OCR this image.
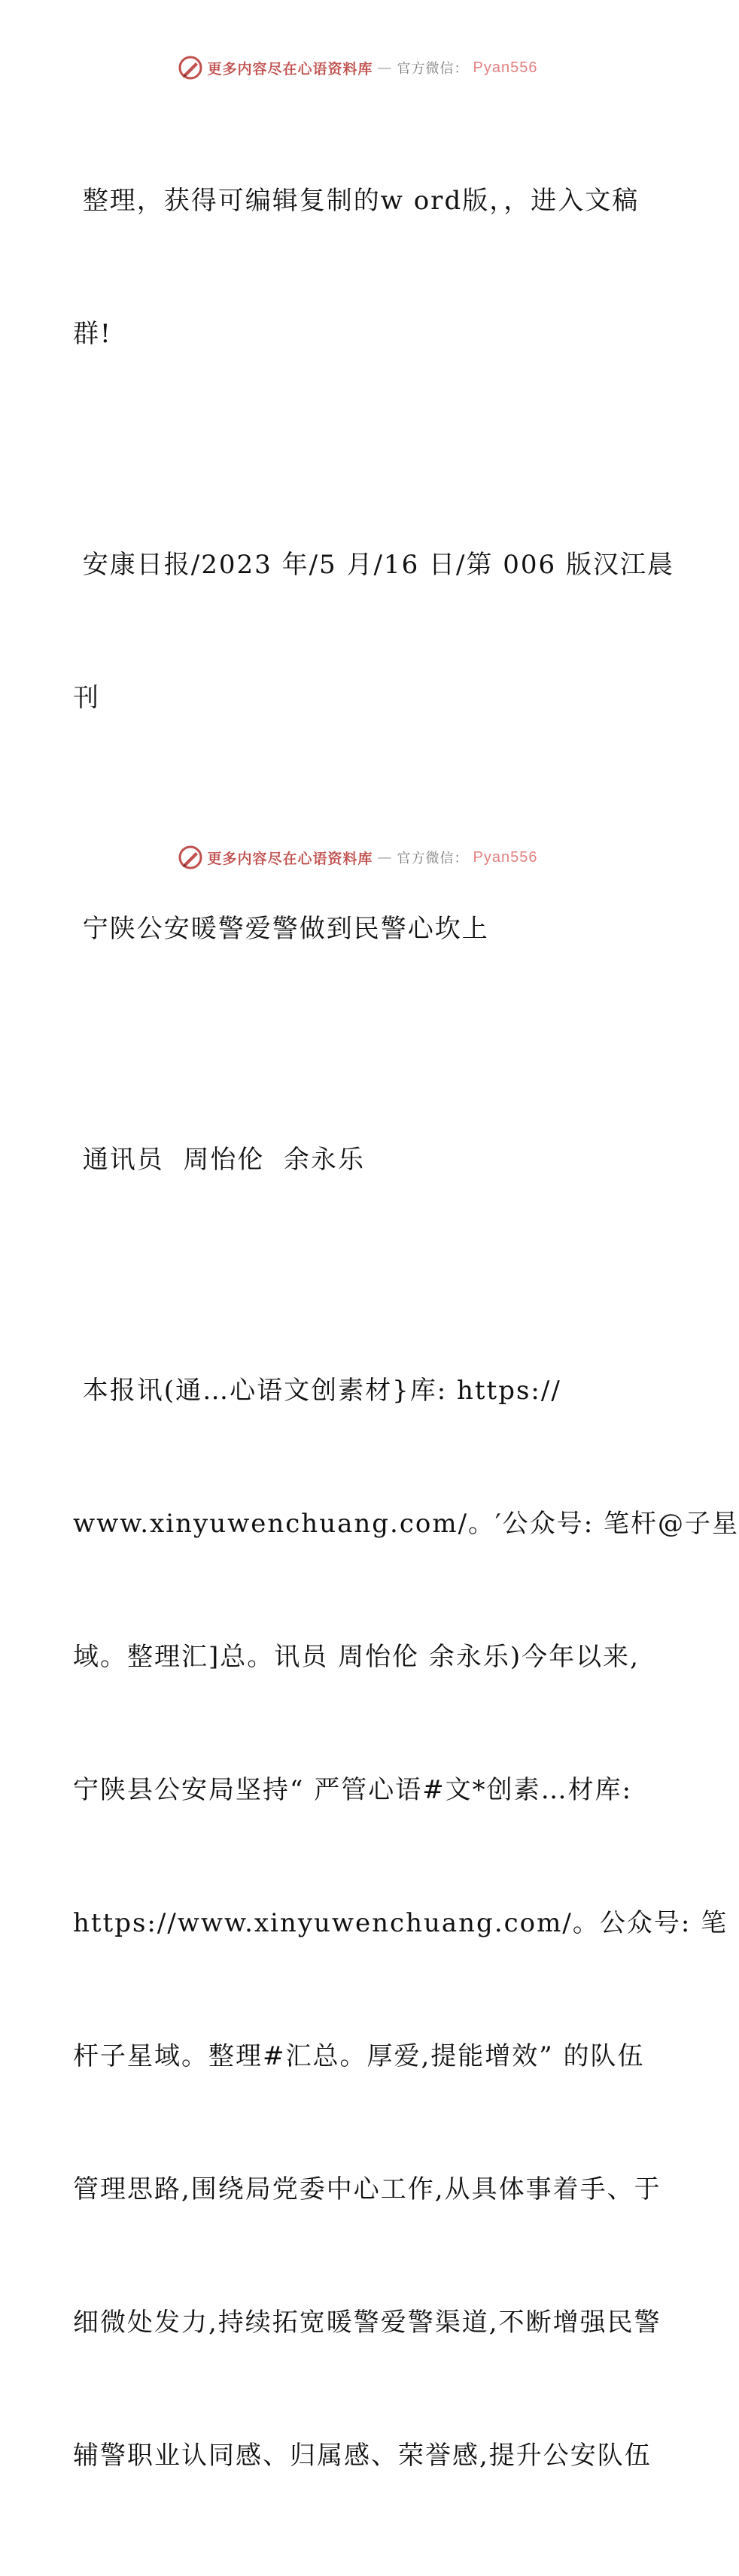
更多内容尽在心语资料库 — 官方微信： Pyan556

整理，获得可编辑复制的w ord版，，进入文稿

群!

安康日报/2023 年/5 月/16 日/第 006 版汉江晨

刊

宁陕公安暖警爱警做到民警心坎上

通讯员  周怡伦  余永乐

本报讯(通…心语文创素材}库: https://

www.xinyuwenchuang.com/。′公众号: 笔杆@子星

域。整理汇]总。讯员 周怡伦 余永乐)今年以来,

宁陕县公安局坚持“ 严管心语#文*创素…材库:

https://www.xinyuwenchuang.com/。公众号: 笔

杆子星域。整理#汇总。厚爱,提能增效” 的队伍

管理思路,围绕局党委中心工作,从具体事着手、于

细微处发力,持续拓宽暖警爱警渠道,不断增强民警

辅警职业认同感、归属感、荣誉感,提升公安队伍

更多内容尽在心语资料库 — 官方微信： Pyan556
